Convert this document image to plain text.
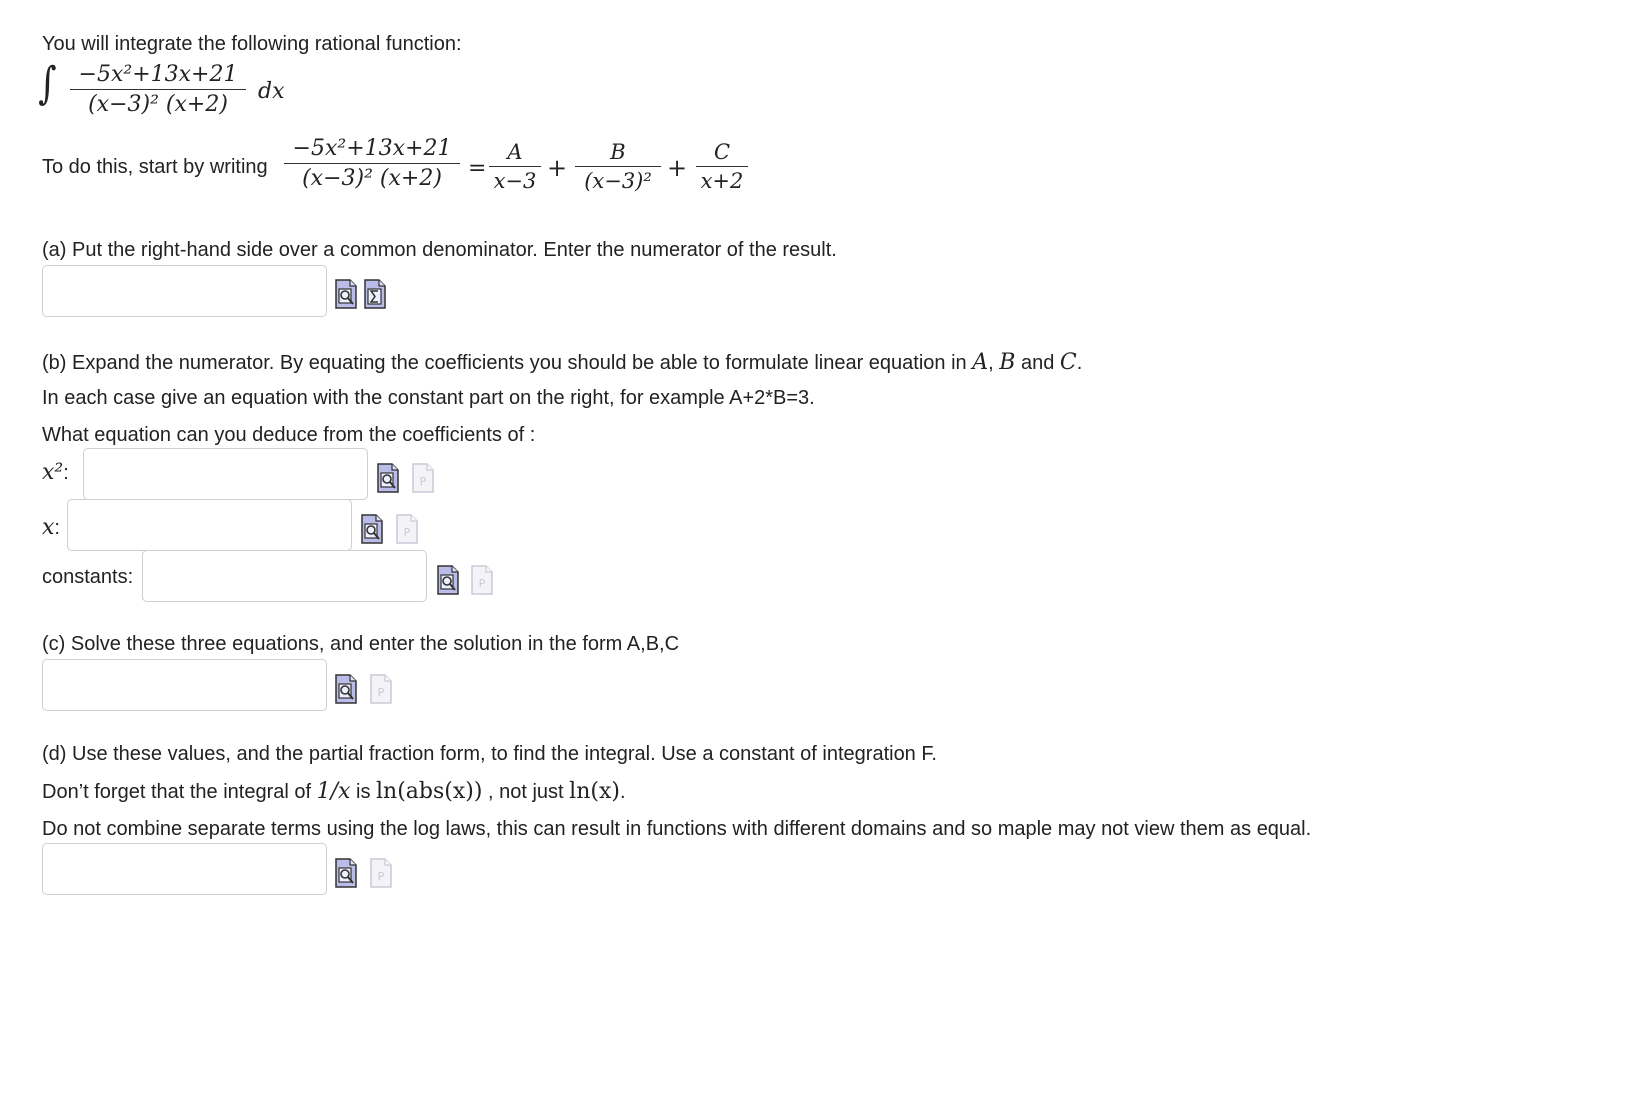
You will integrate the following rational function:
∫ −5x²+13x+21
(x−3)² (x+2)
dx
To do this, start by writing
−5x²+13x+21
(x−3)² (x+2)	=
A
x−3 +
B
(x−3)² +
C
x+2
(a) Put the right-hand side over a common denominator. Enter the numerator of the result.
(b) Expand the numerator. By equating the coefficients you should be able to formulate linear equation in A, B and C.
In each case give an equation with the constant part on the right, for example A+2*B=3.
What equation can you deduce from the coefficients of :
x²:
x:
constants:
(c) Solve these three equations, and enter the solution in the form A,B,C
(d) Use these values, and the partial fraction form, to find the integral. Use a constant of integration F.
Don’t forget that the integral of 1/x is ln(abs(x)) , not just ln(x).
Do not combine separate terms using the log laws, this can result in functions with different domains and so maple may not view them as equal.
